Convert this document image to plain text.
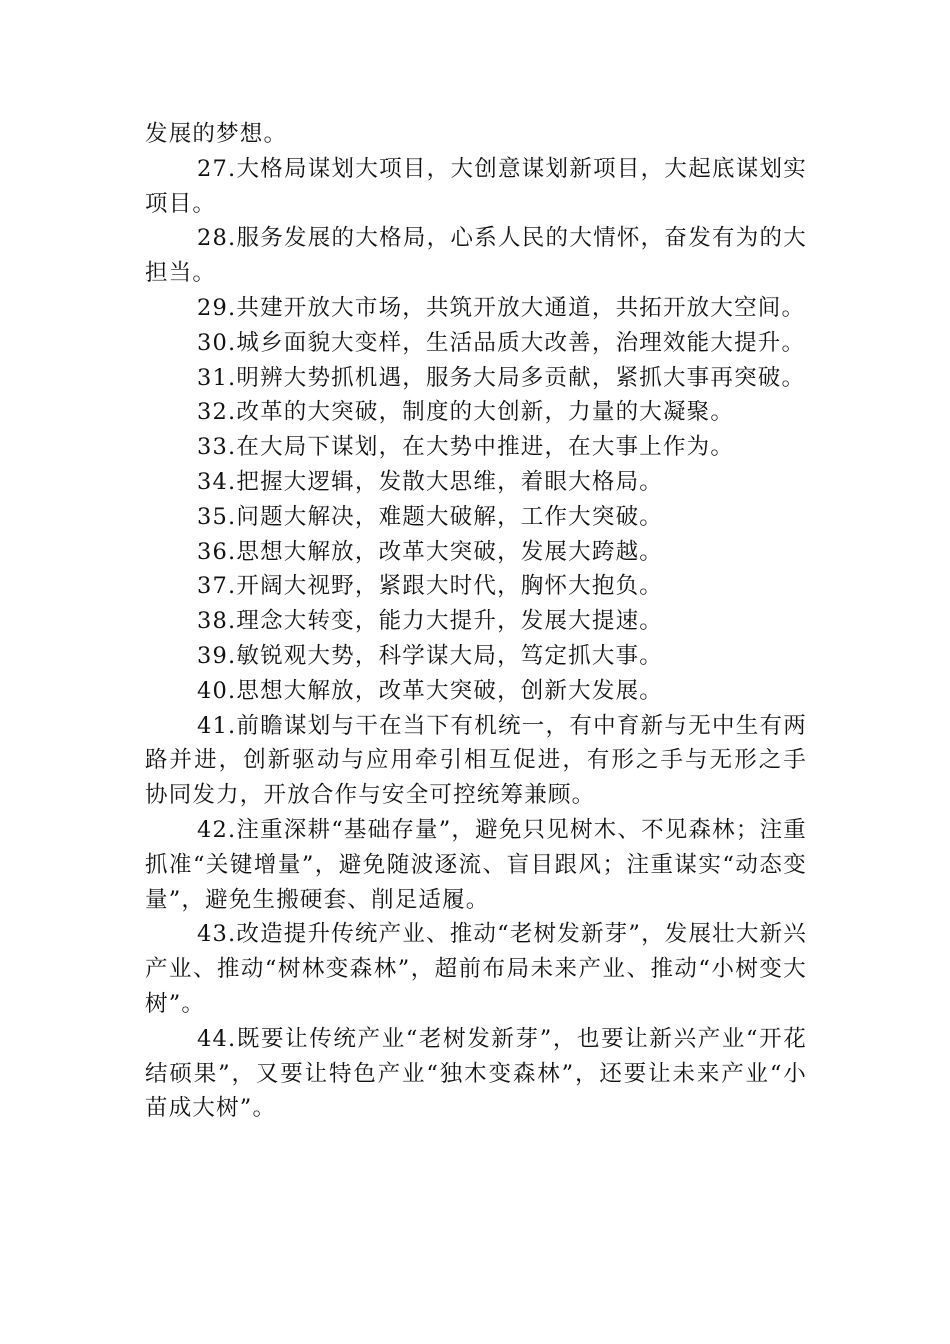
发展的梦想。

27.大格局谋划大项目，大创意谋划新项目，大起底谋划实项目。

28.服务发展的大格局，心系人民的大情怀，奋发有为的大担当。

29.共建开放大市场，共筑开放大通道，共拓开放大空间。

30.城乡面貌大变样，生活品质大改善，治理效能大提升。

31.明辨大势抓机遇，服务大局多贡献，紧抓大事再突破。

32.改革的大突破，制度的大创新，力量的大凝聚。

33.在大局下谋划，在大势中推进，在大事上作为。

34.把握大逻辑，发散大思维，着眼大格局。

35.问题大解决，难题大破解，工作大突破。

36.思想大解放，改革大突破，发展大跨越。

37.开阔大视野，紧跟大时代，胸怀大抱负。

38.理念大转变，能力大提升，发展大提速。

39.敏锐观大势，科学谋大局，笃定抓大事。

40.思想大解放，改革大突破，创新大发展。

41.前瞻谋划与干在当下有机统一，有中育新与无中生有两路并进，创新驱动与应用牵引相互促进，有形之手与无形之手协同发力，开放合作与安全可控统筹兼顾。

42.注重深耕“基础存量”，避免只见树木、不见森林；注重抓准“关键增量”，避免随波逐流、盲目跟风；注重谋实“动态变量”，避免生搬硬套、削足适履。

43.改造提升传统产业、推动“老树发新芽”，发展壮大新兴产业、推动“树林变森林”，超前布局未来产业、推动“小树变大树”。

44.既要让传统产业“老树发新芽”，也要让新兴产业“开花结硕果”，又要让特色产业“独木变森林”，还要让未来产业“小苗成大树”。
